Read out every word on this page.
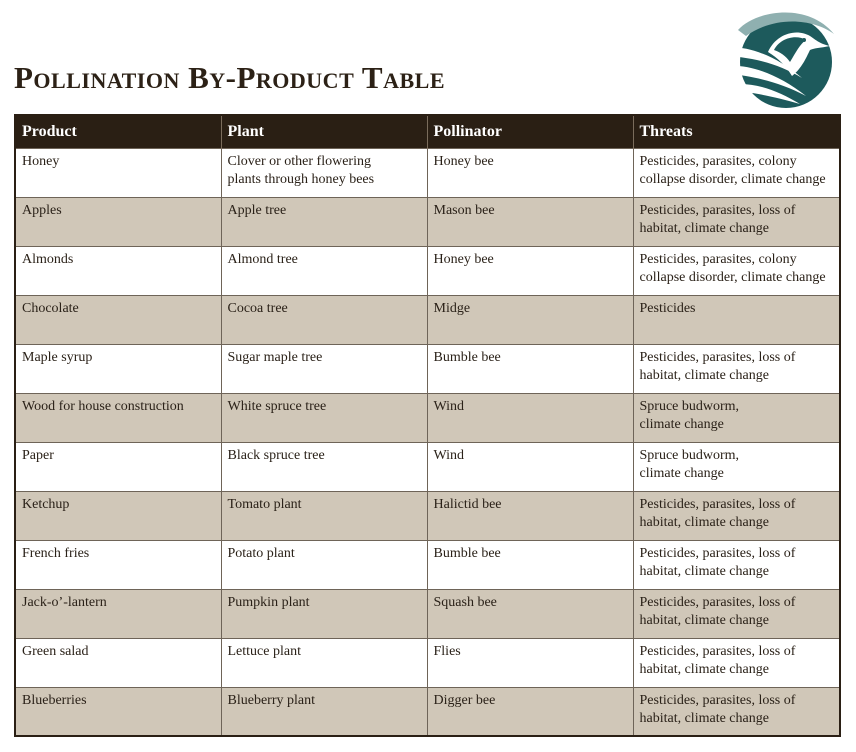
Pollination By-Product Table
Product	Plant	Pollinator	Threats

Honey	Clover or other flowering
plants through honey bees	Honey bee	Pesticides, parasites, colony
collapse disorder, climate change

Apples	Apple tree	Mason bee	Pesticides, parasites, loss of
habitat, climate change

Almonds	Almond tree	Honey bee	Pesticides, parasites, colony
collapse disorder, climate change

Chocolate	Cocoa tree	Midge	Pesticides

Maple syrup	Sugar maple tree	Bumble bee	Pesticides, parasites, loss of
habitat, climate change

Wood for house construction	White spruce tree	Wind	Spruce budworm,
climate change

Paper	Black spruce tree	Wind	Spruce budworm,
climate change

Ketchup	Tomato plant	Halictid bee	Pesticides, parasites, loss of
habitat, climate change

French fries	Potato plant	Bumble bee	Pesticides, parasites, loss of
habitat, climate change

Jack-o’-lantern	Pumpkin plant	Squash bee	Pesticides, parasites, loss of
habitat, climate change

Green salad	Lettuce plant	Flies	Pesticides, parasites, loss of
habitat, climate change

Blueberries	Blueberry plant	Digger bee	Pesticides, parasites, loss of
habitat, climate change
